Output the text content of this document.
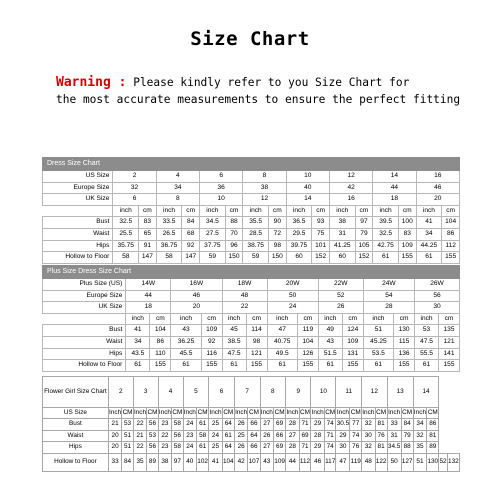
Size Chart
Warning : Please kindly refer to you Size Chart for
the most accurate measurements to ensure the perfect fitting
Dress Size Chart																
US Size	2		4		6		8		10		12		14		16	
Europe Size	32		34		36		38		40		42		44		46	
UK Size	6		8		10		12		14		16		18		20	
	inch	cm	inch	cm	inch	cm	inch	cm	inch	cm	inch	cm	inch	cm	inch	cm
Bust	32.5	83	33.5	84	34.5	88	35.5	90	36.5	93	38	97	39.5	100	41	104
Waist	25.5	65	26.5	68	27.5	70	28.5	72	29.5	75	31	79	32.5	83	34	86
Hips	35.75	91	36.75	92	37.75	96	38.75	98	39.75	101	41.25	105	42.75	109	44.25	112
Hollow to Floor	58	147	58	147	59	150	59	150	60	152	60	152	61	155	61	155
Plus Size Dress Size Chart														
Plus Size (US)	14W		16W		18W		20W		22W		24W		26W	
Europe Size	44		46		48		50		52		54		56	
UK Size	18		20		22		24		26		28		30	
	inch	cm	inch	cm	inch	cm	inch	cm	inch	cm	inch	cm	inch	cm
Bust	41	104	43	109	45	114	47	119	49	124	51	130	53	135
Waist	34	86	36.25	92	38.5	98	40.75	104	43	109	45.25	115	47.5	121
Hips	43.5	110	45.5	116	47.5	121	49.5	126	51.5	131	53.5	136	55.5	141
Hollow to Floor	61	155	61	155	61	155	61	155	61	155	61	155	61	155
Flower Girl Size Chart	2		3		4		5		6		7		8		9		10		11		12		13		14			
US Size	Inch	CM	Inch	CM	Inch	CM	Inch	CM	Inch	CM	Inch	CM	Inch	CM	Inch	CM	Inch	CM	Inch	CM	Inch	CM	Inch	CM	Inch	CM		
Bust	21	53	22	56	23	58	24	61	25	64	26	66	27	69	28	71	29	74	30.5	77	32	81	33	84	34	86		
Waist	20	51	21	53	22	56	23	58	24	61	25	64	26	66	27	69	28	71	29	74	30	76	31	79	32	81		
Hips	20	51	22	56	23	58	24	61	25	64	26	66	27	69	28	71	29	74	30	76	32	81	34.5	88	35	89		
Hollow to Floor	33	84	35	89	38	97	40	102	41	104	42	107	43	109	44	112	46	117	47	119	48	122	50	127	51	130	52	132
